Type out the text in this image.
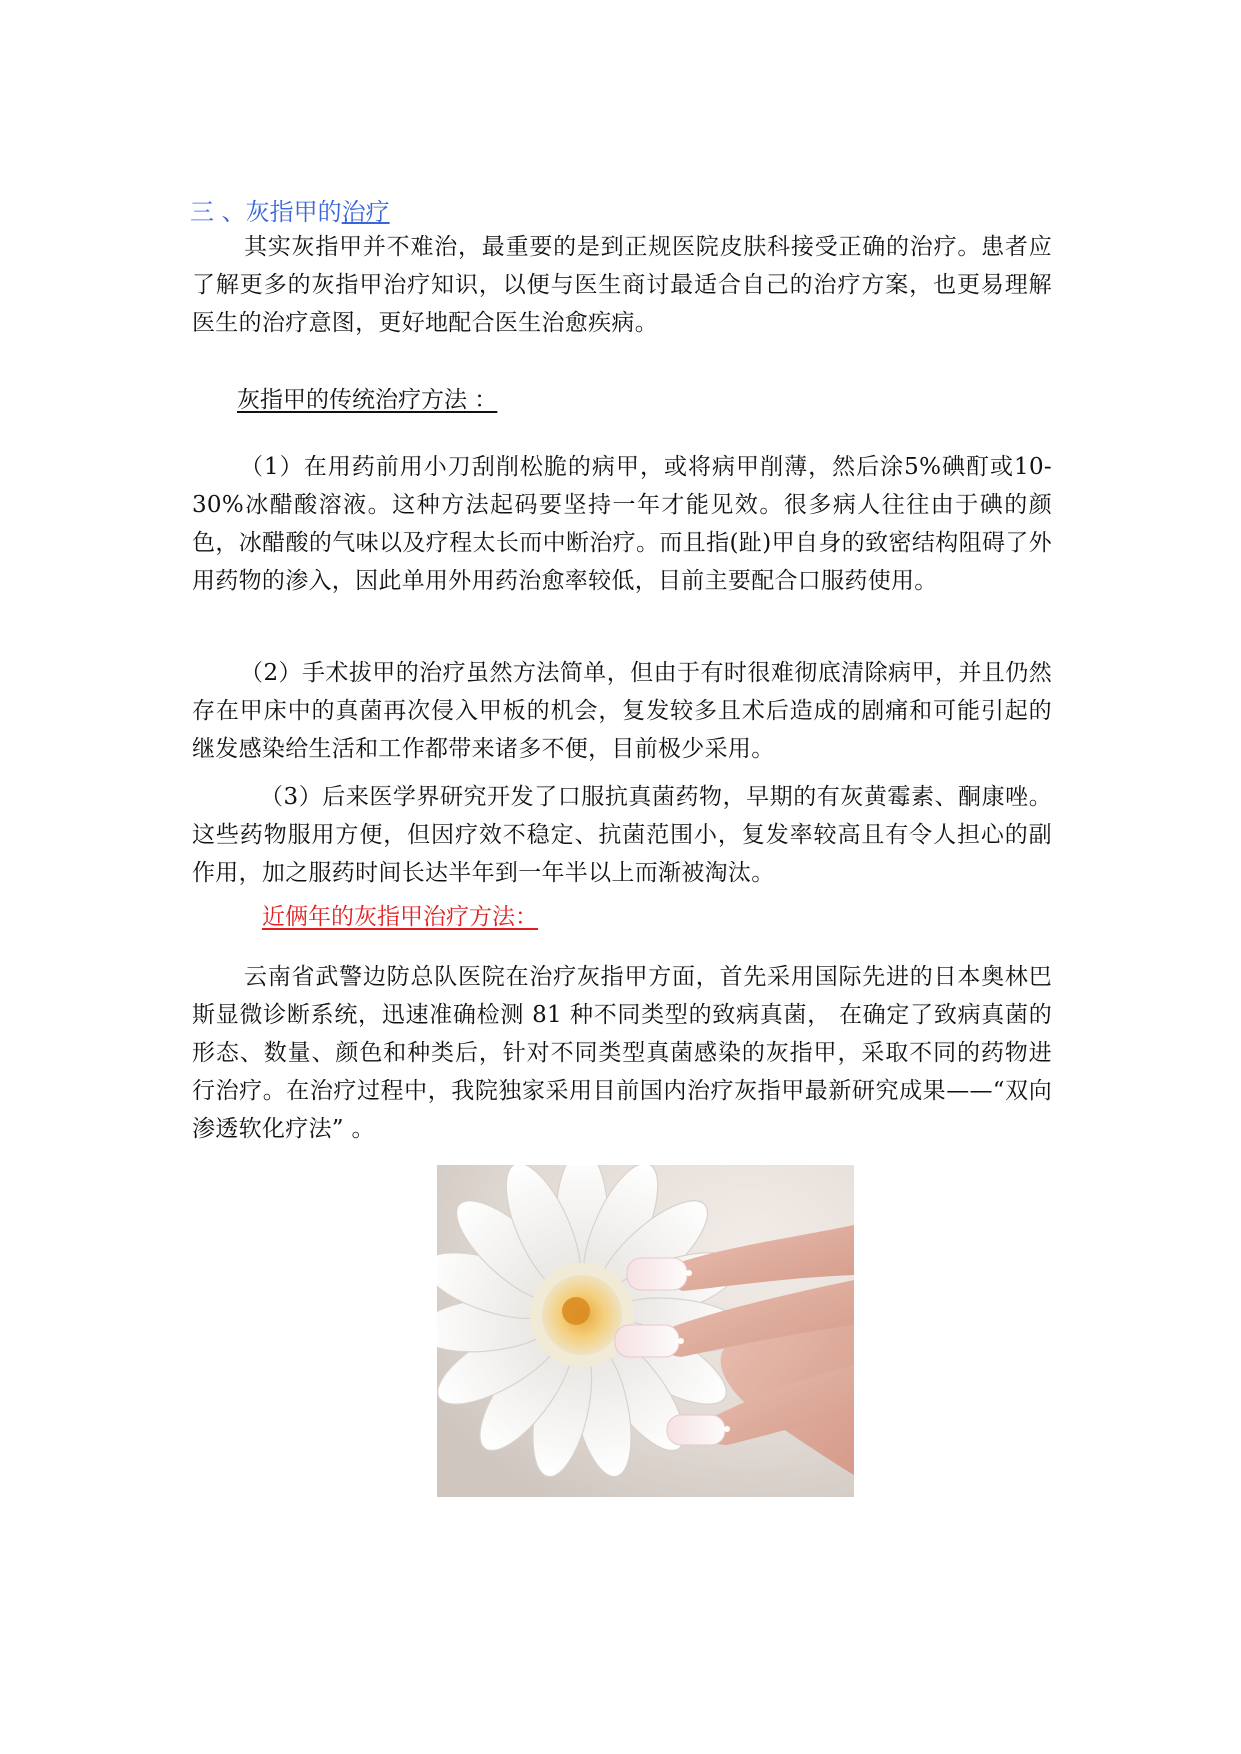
三 、灰指甲的治疗

其实灰指甲并不难治，最重要的是到正规医院皮肤科接受正确的治疗。患者应了解更多的灰指甲治疗知识，以便与医生商讨最适合自己的治疗方案，也更易理解医生的治疗意图，更好地配合医生治愈疾病。

灰指甲的传统治疗方法 ：

（1）在用药前用小刀刮削松脆的病甲，或将病甲削薄，然后涂5%碘酊或10-30%冰醋酸溶液。这种方法起码要坚持一年才能见效。很多病人往往由于碘的颜色，冰醋酸的气味以及疗程太长而中断治疗。而且指(趾)甲自身的致密结构阻碍了外用药物的渗入，因此单用外用药治愈率较低，目前主要配合口服药使用。

（2）手术拔甲的治疗虽然方法简单，但由于有时很难彻底清除病甲，并且仍然存在甲床中的真菌再次侵入甲板的机会，复发较多且术后造成的剧痛和可能引起的继发感染给生活和工作都带来诸多不便，目前极少采用。

（3）后来医学界研究开发了口服抗真菌药物，早期的有灰黄霉素、酮康唑。这些药物服用方便，但因疗效不稳定、抗菌范围小，复发率较高且有令人担心的副作用，加之服药时间长达半年到一年半以上而渐被淘汰。

近俩年的灰指甲治疗方法：

云南省武警边防总队医院在治疗灰指甲方面，首先采用国际先进的日本奥林巴斯显微诊断系统，迅速准确检测 81 种不同类型的致病真菌， 在确定了致病真菌的形态、数量、颜色和种类后，针对不同类型真菌感染的灰指甲，采取不同的药物进行治疗。在治疗过程中，我院独家采用目前国内治疗灰指甲最新研究成果——“双向渗透软化疗法” 。
